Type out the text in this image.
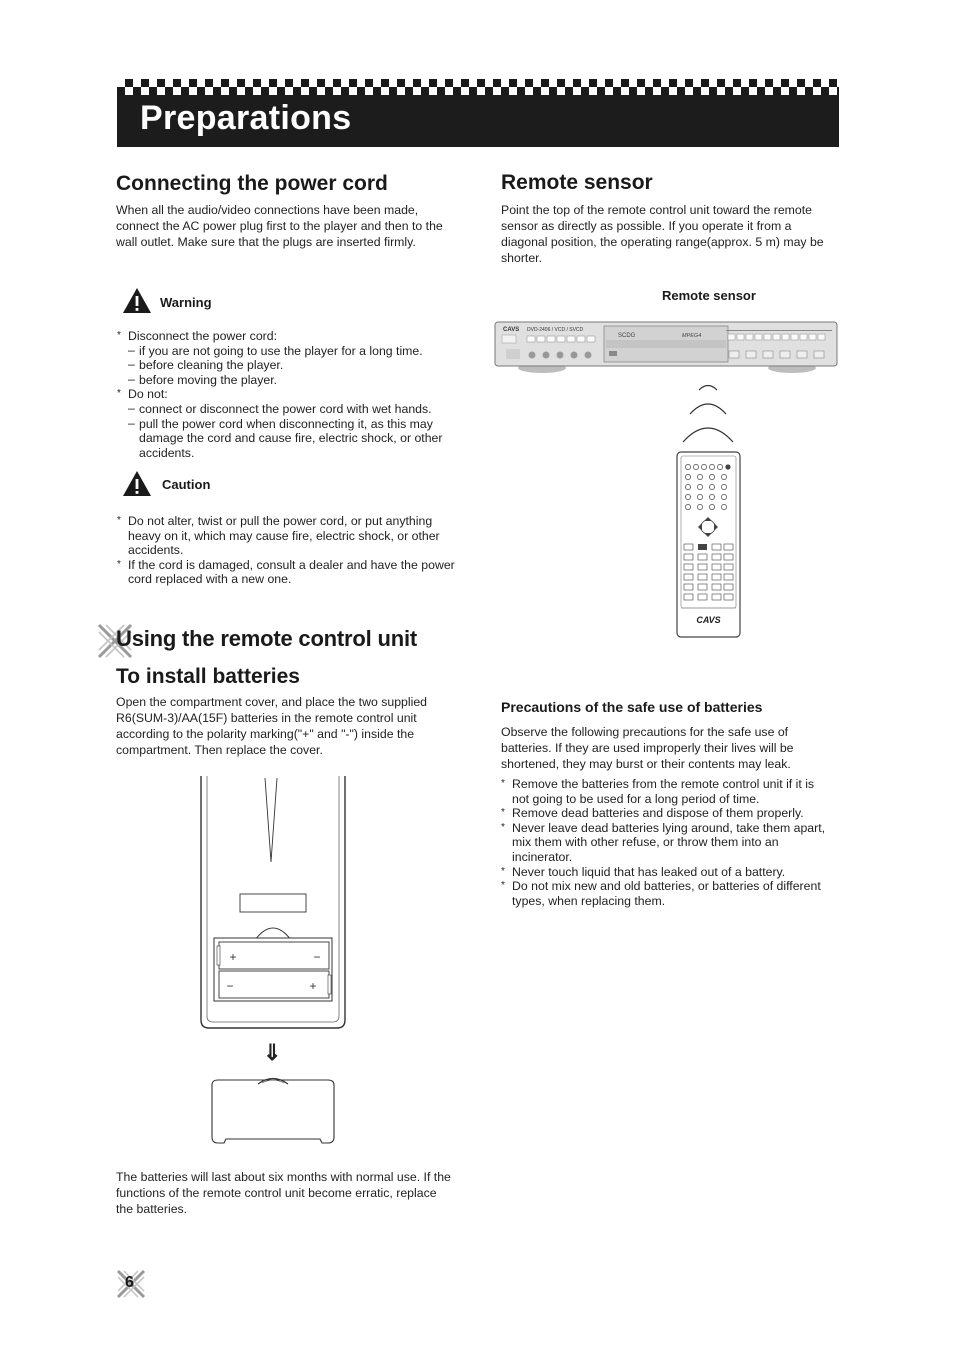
Preparations
Connecting the power cord

When all the audio/video connections have been made, connect the AC power plug first to the player and then to the wall outlet. Make sure that the plugs are inserted firmly.

Warning
* Disconnect the power cord:
– if you are not going to use the player for a long time.
– before cleaning the player.
– before moving the player.
* Do not:
– connect or disconnect the power cord with wet hands.
– pull the power cord when disconnecting it, as this may damage the cord and cause fire, electric shock, or other accidents.
Caution
* Do not alter, twist or pull the power cord, or put anything heavy on it, which may cause fire, electric shock, or other accidents.
* If the cord is damaged, consult a dealer and have the power cord replaced with a new one.
Remote sensor

Point the top of the remote control unit toward the remote sensor as directly as possible. If you operate it from a diagonal position, the operating range(approx. 5 m) may be shorter.

Remote sensor
CAVS DVD-2406 / VCD / SVCD
SCDG	MPEG4
CAVS
Using the remote control unit
To install batteries

Open the compartment cover, and place the two supplied R6(SUM-3)/AA(15F) batteries in the remote control unit according to the polarity marking("+" and "-") inside the compartment. Then replace the cover.

+	−
−	+
⇓

The batteries will last about six months with normal use. If the functions of the remote control unit become erratic, replace the batteries.

Precautions of the safe use of batteries

Observe the following precautions for the safe use of batteries. If they are used improperly their lives will be shortened, they may burst or their contents may leak.

* Remove the batteries from the remote control unit if it is not going to be used for a long period of time.
* Remove dead batteries and dispose of them properly.
* Never leave dead batteries lying around, take them apart, mix them with other refuse, or throw them into an incinerator.
* Never touch liquid that has leaked out of a battery.
* Do not mix new and old batteries, or batteries of different types, when replacing them.
6
